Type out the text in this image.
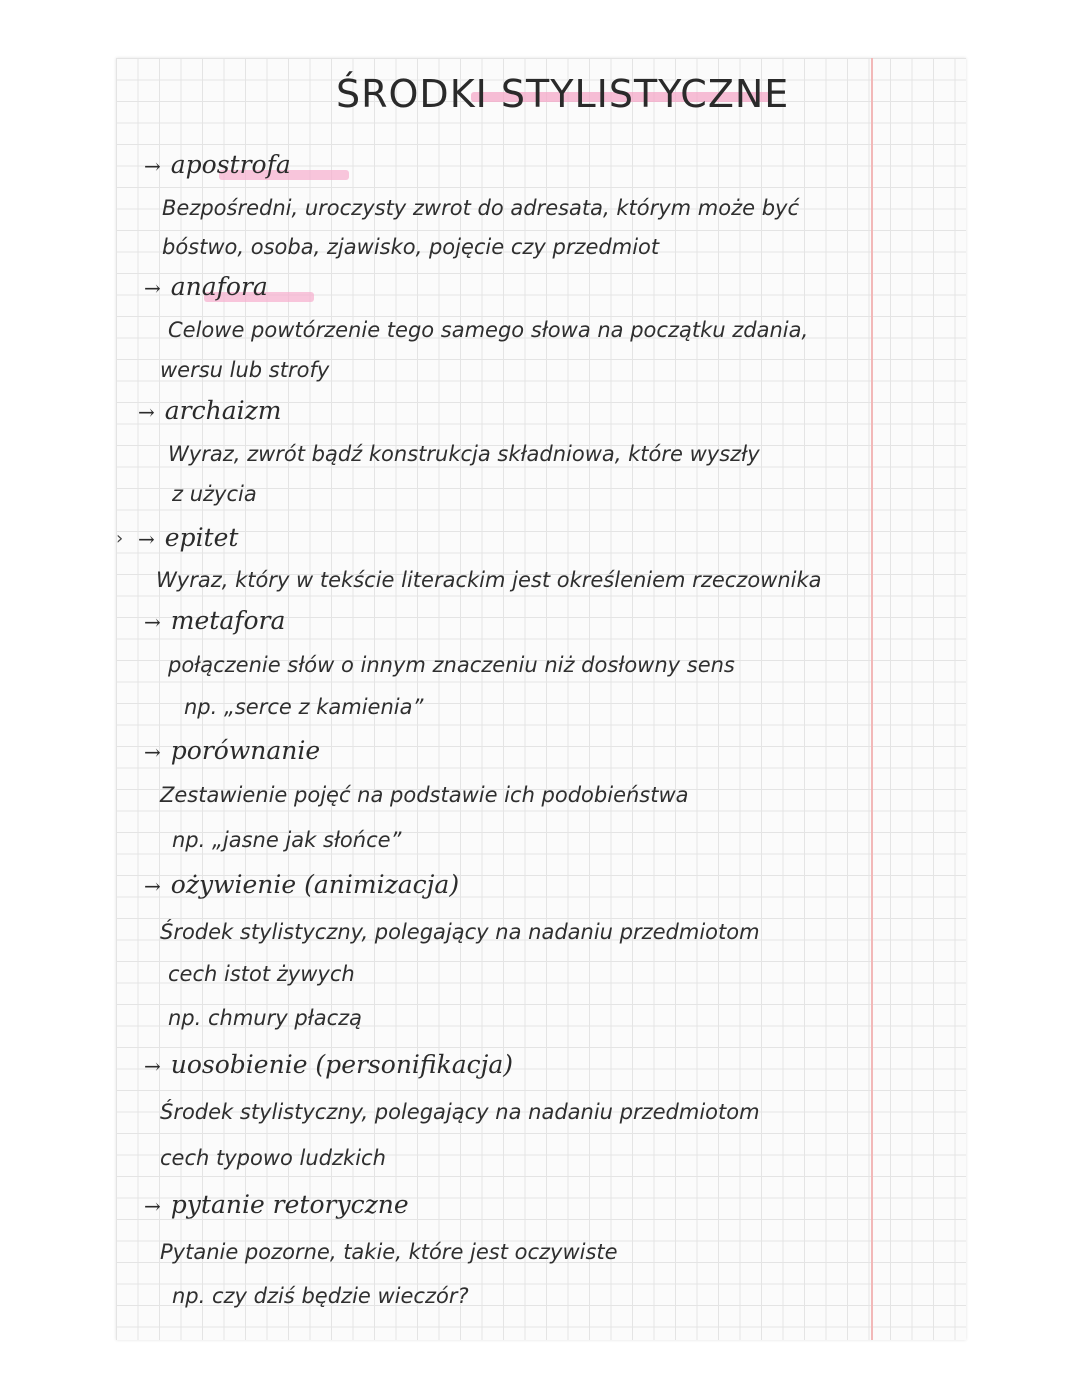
ŚRODKI STYLISTYCZNE
›
→ apostrofa
Bezpośredni, uroczysty zwrot do adresata, którym może być
bóstwo, osoba, zjawisko, pojęcie czy przedmiot
→ anafora
Celowe powtórzenie tego samego słowa na początku zdania,
wersu lub strofy
→ archaizm
Wyraz, zwrót bądź konstrukcja składniowa, które wyszły
z użycia
→ epitet
Wyraz, który w tekście literackim jest określeniem rzeczownika
→ metafora
połączenie słów o innym znaczeniu niż dosłowny sens
np. „serce z kamienia”
→ porównanie
Zestawienie pojęć na podstawie ich podobieństwa
np. „jasne jak słońce”
→ ożywienie (animizacja)
Środek stylistyczny, polegający na nadaniu przedmiotom
cech istot żywych
np. chmury płaczą
→ uosobienie (personifikacja)
Środek stylistyczny, polegający na nadaniu przedmiotom
cech typowo ludzkich
→ pytanie retoryczne
Pytanie pozorne, takie, które jest oczywiste
np. czy dziś będzie wieczór?
